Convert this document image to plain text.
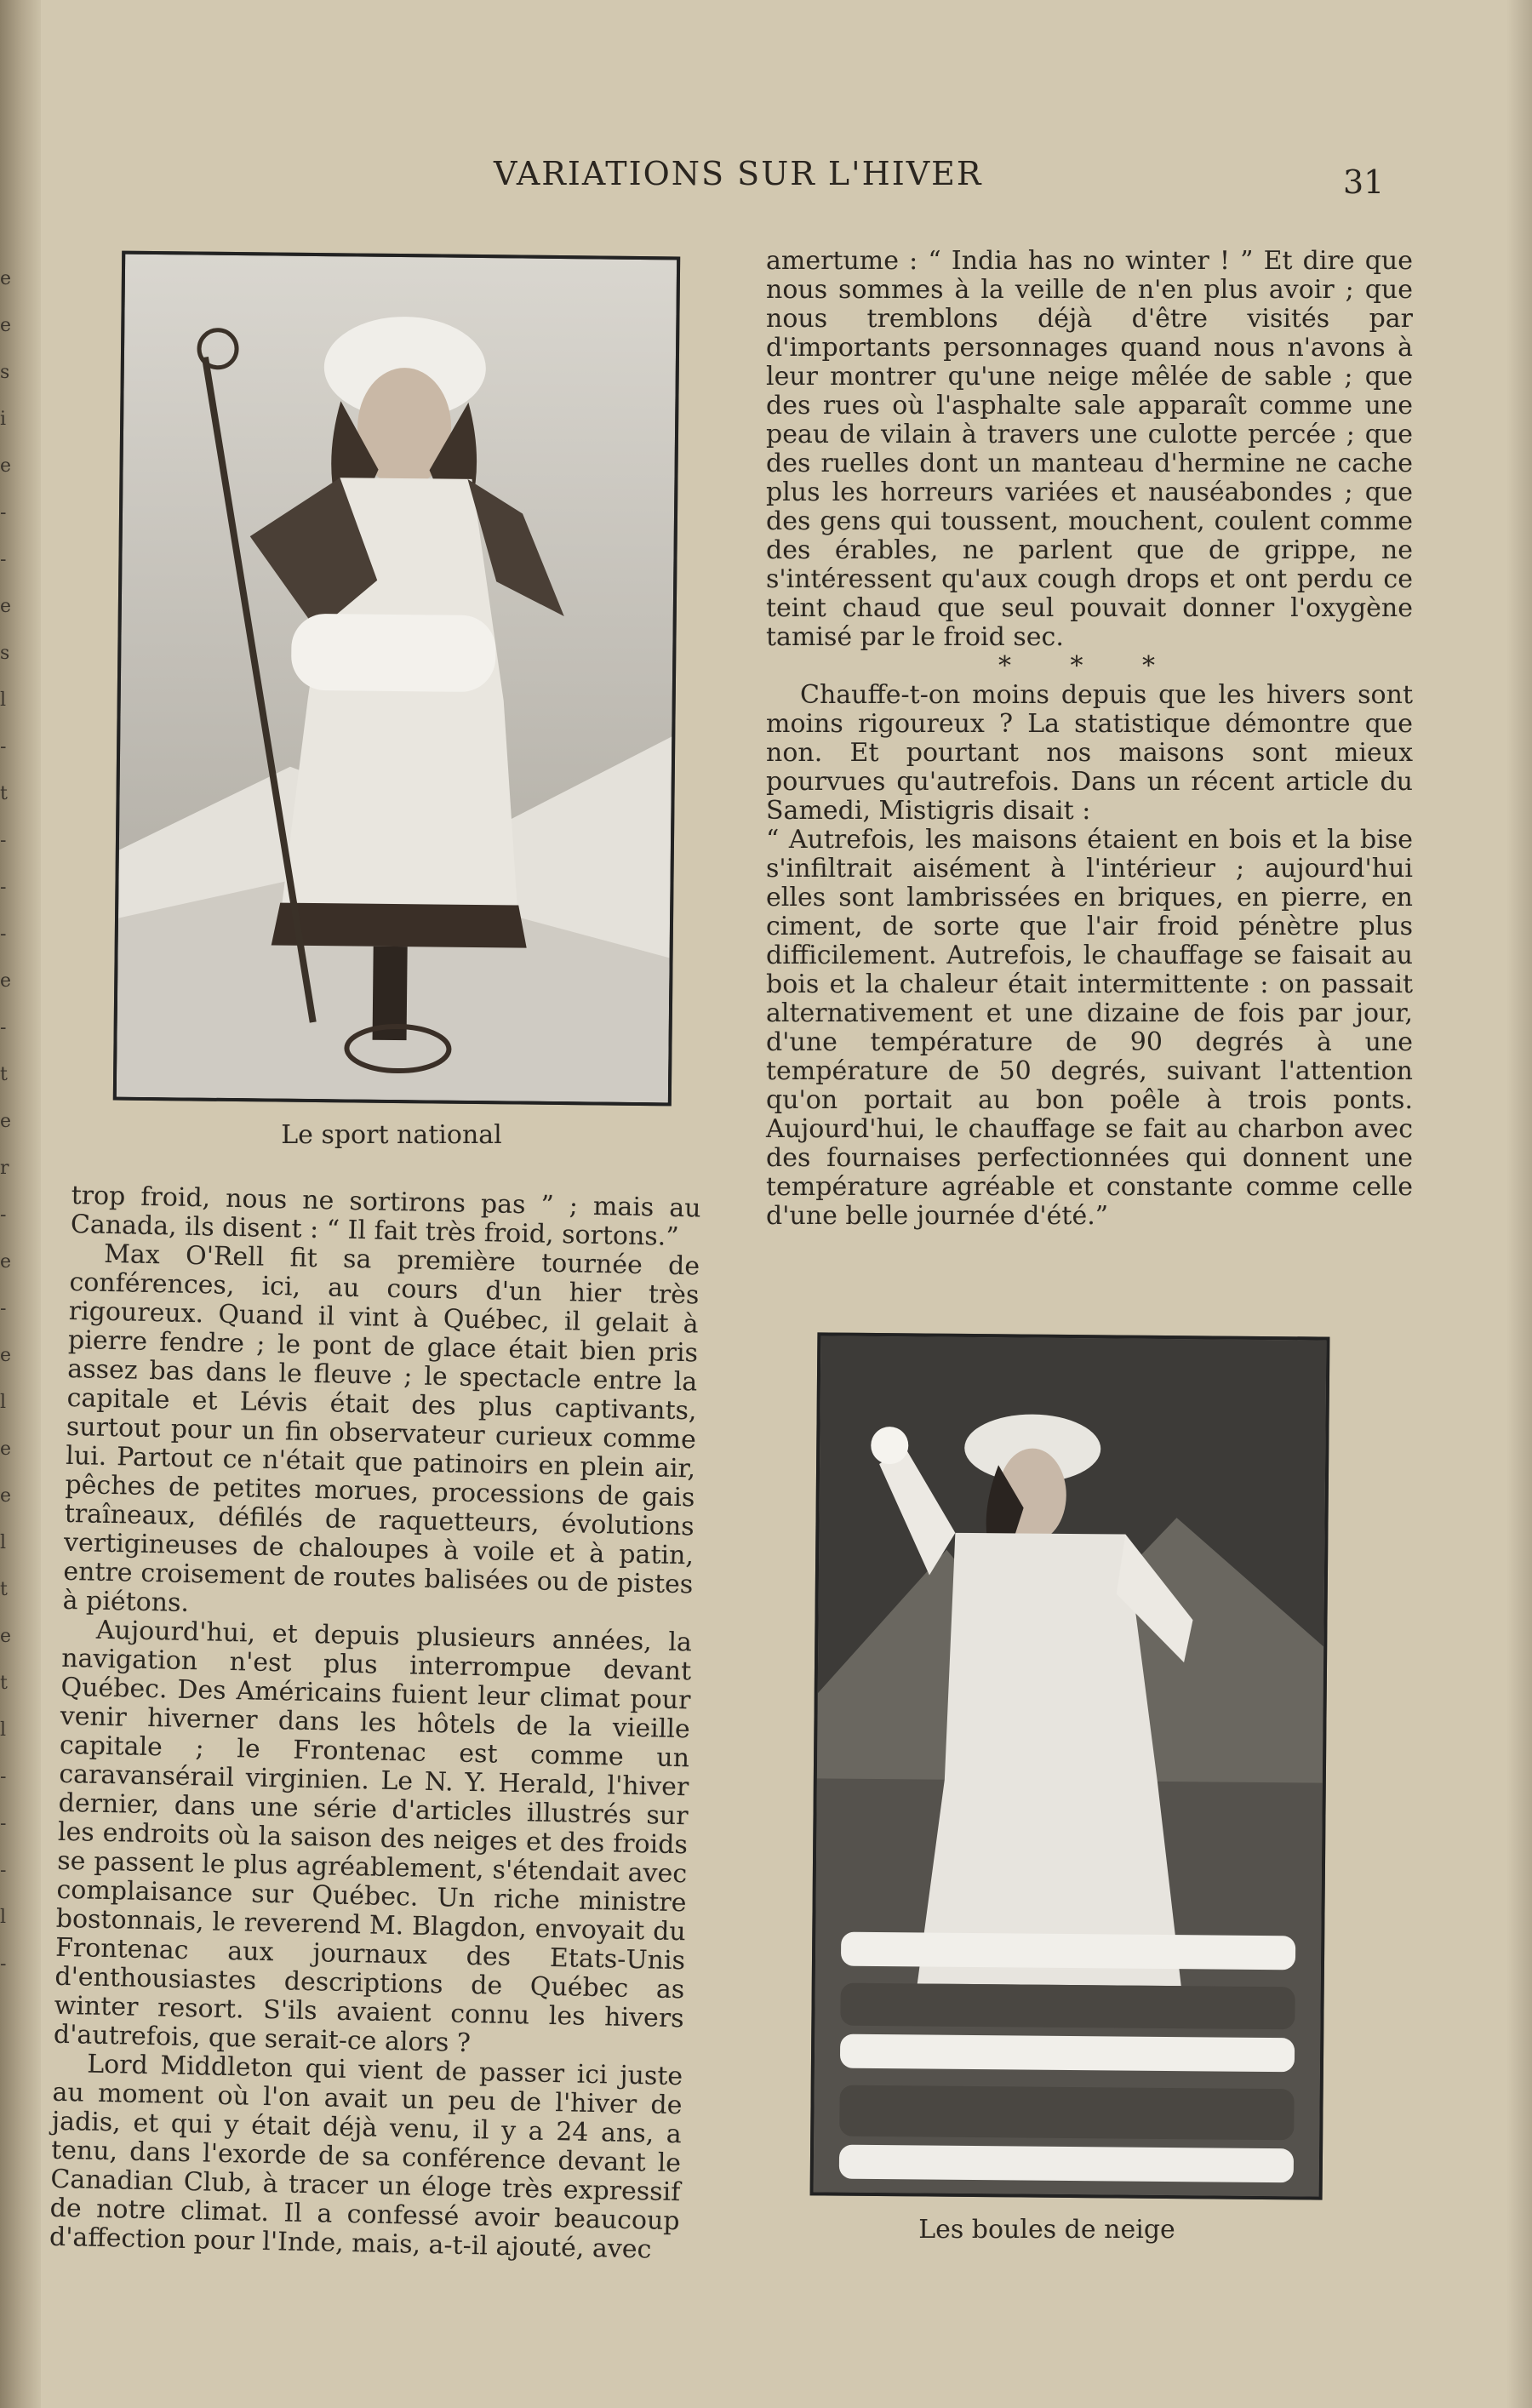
e
e
s
i
e
-
-
e
s
l
-
t
-
-
-
e
-
t
e
r
-
e
-
e
l
e
e
l
t
e
t
l
-
-
-
l
-
VARIATIONS SUR L'HIVER	31
Le sport national
Les boules de neige

amertume : “ India has no winter ! ” Et dire que nous sommes à la veille de n'en plus avoir ; que nous tremblons déjà d'être visités par d'importants personnages quand nous n'avons à leur montrer qu'une neige mêlée de sable ; que des rues où l'asphalte sale apparaît comme une peau de vilain à travers une culotte percée ; que des ruelles dont un manteau d'hermine ne cache plus les horreurs variées et nauséabondes ; que des gens qui toussent, mouchent, coulent comme des érables, ne parlent que de grippe, ne s'intéressent qu'aux cough drops et ont perdu ce teint chaud que seul pouvait donner l'oxygène tamisé par le froid sec.

* * *

Chauffe-t-on moins depuis que les hivers sont moins rigoureux ? La statistique démontre que non. Et pourtant nos maisons sont mieux pourvues qu'autrefois. Dans un récent article du Samedi, Mistigris disait :

“ Autrefois, les maisons étaient en bois et la bise s'infiltrait aisément à l'intérieur ; aujourd'hui elles sont lambrissées en briques, en pierre, en ciment, de sorte que l'air froid pénètre plus difficilement. Autrefois, le chauffage se faisait au bois et la chaleur était intermittente : on passait alternativement et une dizaine de fois par jour, d'une température de 90 degrés à une température de 50 degrés, suivant l'attention qu'on portait au bon poêle à trois ponts. Aujourd'hui, le chauffage se fait au charbon avec des fournaises perfectionnées qui donnent une température agréable et constante comme celle d'une belle journée d'été.”

trop froid, nous ne sortirons pas ” ; mais au Canada, ils disent : “ Il fait très froid, sortons.”

Max O'Rell fit sa première tournée de conférences, ici, au cours d'un hier très rigoureux. Quand il vint à Québec, il gelait à pierre fendre ; le pont de glace était bien pris assez bas dans le fleuve ; le spectacle entre la capitale et Lévis était des plus captivants, surtout pour un fin observateur curieux comme lui. Partout ce n'était que patinoirs en plein air, pêches de petites morues, processions de gais traîneaux, défilés de raquetteurs, évolutions vertigineuses de chaloupes à voile et à patin, entre croisement de routes balisées ou de pistes à piétons.

Aujourd'hui, et depuis plusieurs années, la navigation n'est plus interrompue devant Québec. Des Américains fuient leur climat pour venir hiverner dans les hôtels de la vieille capitale ; le Frontenac est comme un caravansérail virginien. Le N. Y. Herald, l'hiver dernier, dans une série d'articles illustrés sur les endroits où la saison des neiges et des froids se passent le plus agréablement, s'étendait avec complaisance sur Québec. Un riche ministre bostonnais, le reverend M. Blagdon, envoyait du Frontenac aux journaux des Etats-Unis d'enthousiastes descriptions de Québec as winter resort. S'ils avaient connu les hivers d'autrefois, que serait-ce alors ?

Lord Middleton qui vient de passer ici juste au moment où l'on avait un peu de l'hiver de jadis, et qui y était déjà venu, il y a 24 ans, a tenu, dans l'exorde de sa conférence devant le Canadian Club, à tracer un éloge très expressif de notre climat. Il a confessé avoir beaucoup d'affection pour l'Inde, mais, a-t-il ajouté, avec
